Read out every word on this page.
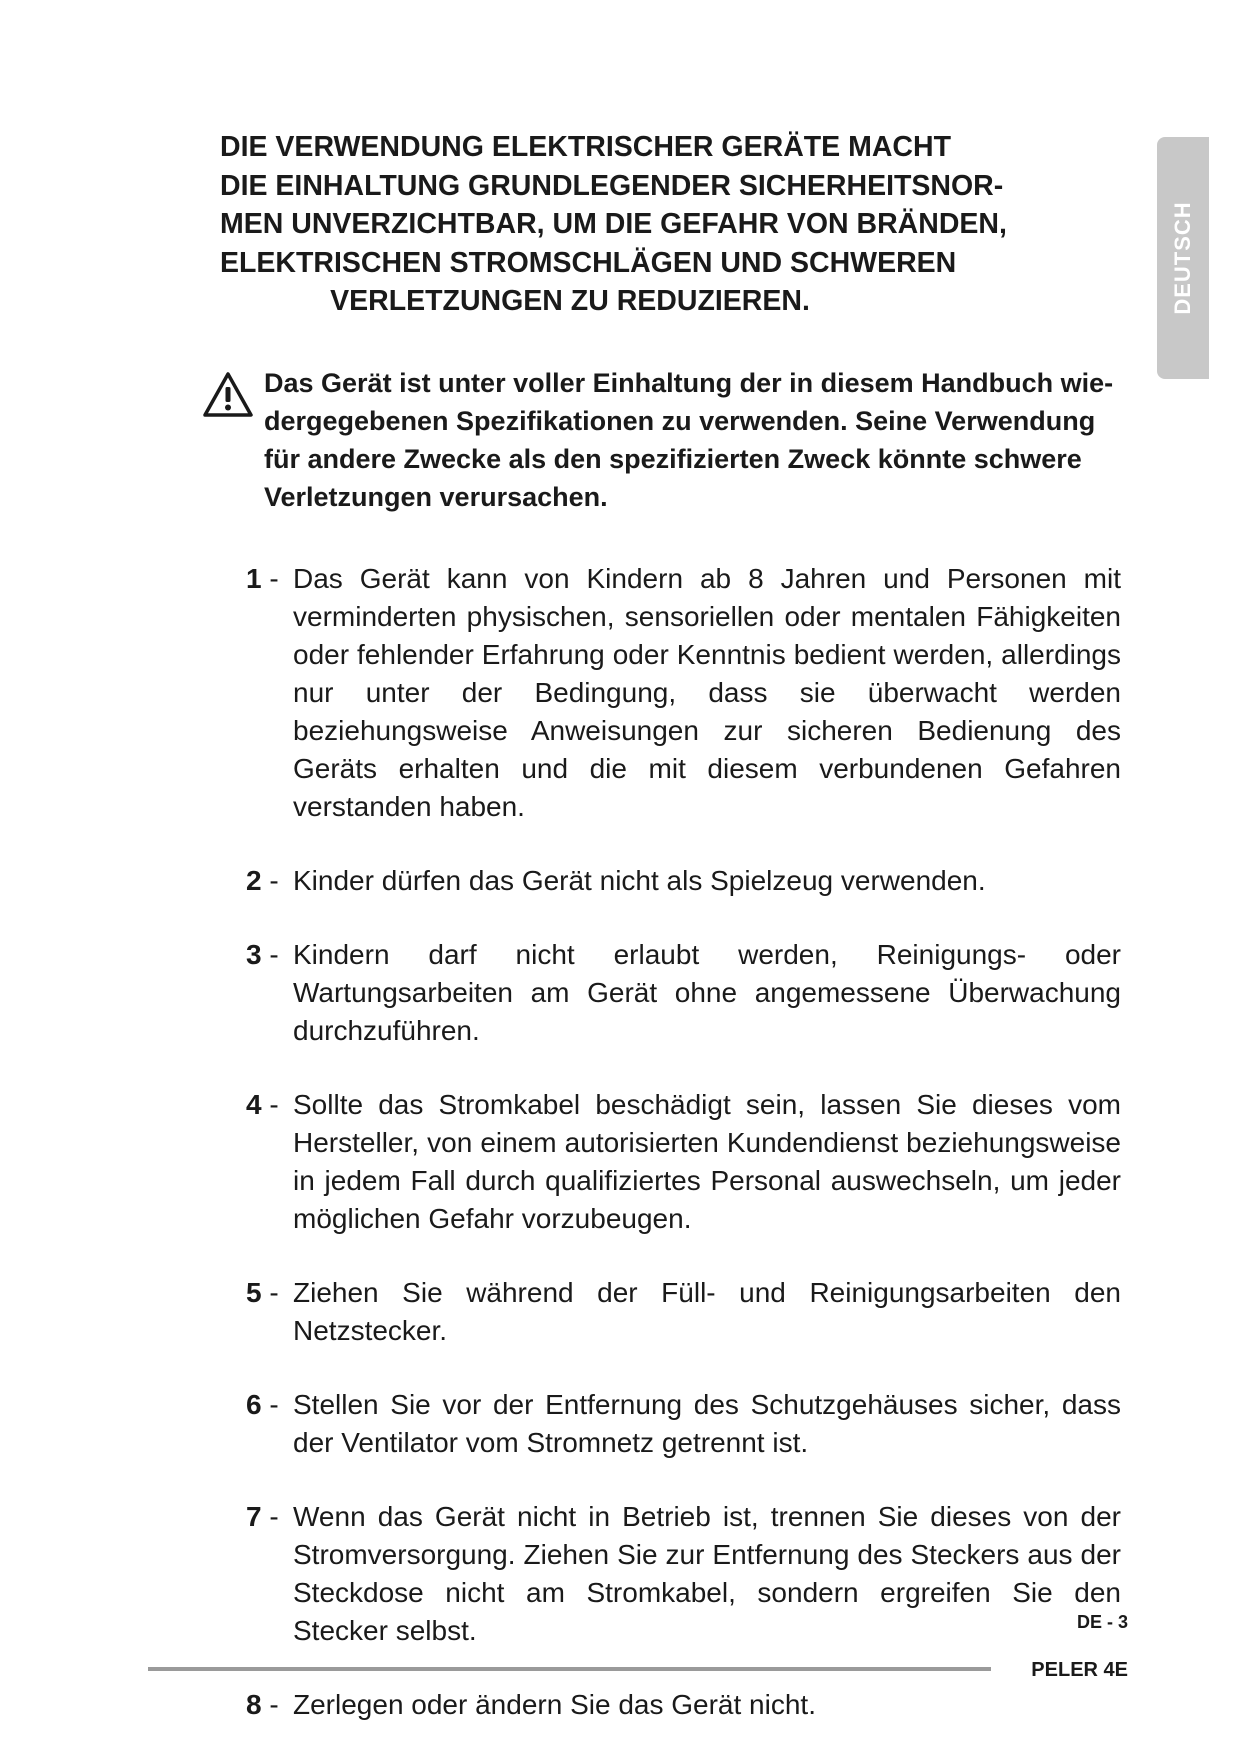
DEUTSCH
DIE VERWENDUNG ELEKTRISCHER GERÄTE MACHT
DIE EINHALTUNG GRUNDLEGENDER SICHERHEITSNOR-
MEN UNVERZICHTBAR, UM DIE GEFAHR VON BRÄNDEN,
ELEKTRISCHEN STROMSCHLÄGEN UND SCHWEREN
VERLETZUNGEN ZU REDUZIEREN.
Das Gerät ist unter voller Einhaltung der in diesem Handbuch wie-
dergegebenen Spezifikationen zu verwenden. Seine Verwendung
für andere Zwecke als den spezifizierten Zweck könnte schwere
Verletzungen verursachen.
1 - Das Gerät kann von Kindern ab 8 Jahren und Personen mit verminderten physischen, sensoriellen oder mentalen Fähigkeiten oder fehlender Erfahrung oder Kenntnis bedient werden, allerdings nur unter der Bedingung, dass sie überwacht werden beziehungsweise Anweisungen zur sicheren Bedienung des Geräts erhalten und die mit diesem verbundenen Gefahren verstanden haben.
2 - Kinder dürfen das Gerät nicht als Spielzeug verwenden.
3 - Kindern darf nicht erlaubt werden, Reinigungs- oder Wartungsarbeiten am Gerät ohne angemessene Überwachung durchzuführen.
4 - Sollte das Stromkabel beschädigt sein, lassen Sie dieses vom Hersteller, von einem autorisierten Kundendienst beziehungsweise in jedem Fall durch qualifiziertes Personal auswechseln, um jeder möglichen Gefahr vorzubeugen.
5 - Ziehen Sie während der Füll- und Reinigungsarbeiten den Netzstecker.
6 - Stellen Sie vor der Entfernung des Schutzgehäuses sicher, dass der Ventilator vom Stromnetz getrennt ist.
7 - Wenn das Gerät nicht in Betrieb ist, trennen Sie dieses von der Stromversorgung. Ziehen Sie zur Entfernung des Steckers aus der Steckdose nicht am Stromkabel, sondern ergreifen Sie den Stecker selbst.
8 - Zerlegen oder ändern Sie das Gerät nicht.
DE - 3
PELER 4E
